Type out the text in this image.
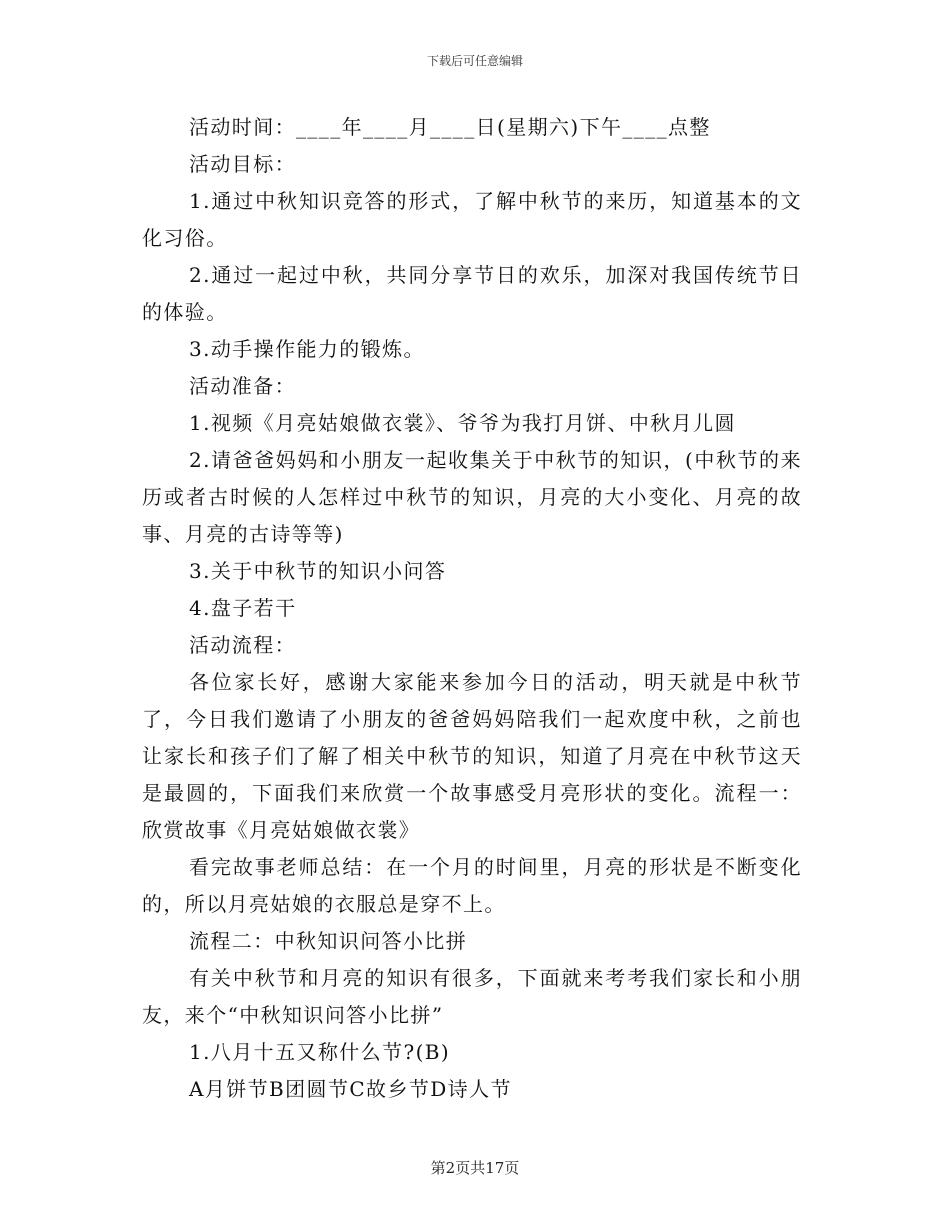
下载后可任意编辑

活动时间：____年____月____日(星期六)下午____点整

活动目标：

1.通过中秋知识竞答的形式，了解中秋节的来历，知道基本的文化习俗。

2.通过一起过中秋，共同分享节日的欢乐，加深对我国传统节日的体验。

3.动手操作能力的锻炼。

活动准备：

1.视频《月亮姑娘做衣裳》、爷爷为我打月饼、中秋月儿圆

2.请爸爸妈妈和小朋友一起收集关于中秋节的知识，(中秋节的来历或者古时候的人怎样过中秋节的知识，月亮的大小变化、月亮的故事、月亮的古诗等等)

3.关于中秋节的知识小问答

4.盘子若干

活动流程：

各位家长好，感谢大家能来参加今日的活动，明天就是中秋节了，今日我们邀请了小朋友的爸爸妈妈陪我们一起欢度中秋，之前也让家长和孩子们了解了相关中秋节的知识，知道了月亮在中秋节这天是最圆的，下面我们来欣赏一个故事感受月亮形状的变化。流程一：欣赏故事《月亮姑娘做衣裳》

看完故事老师总结：在一个月的时间里，月亮的形状是不断变化的，所以月亮姑娘的衣服总是穿不上。

流程二：中秋知识问答小比拼

有关中秋节和月亮的知识有很多，下面就来考考我们家长和小朋友，来个“中秋知识问答小比拼”

1.八月十五又称什么节?(B)

A月饼节B团圆节C故乡节D诗人节

第2页共17页
